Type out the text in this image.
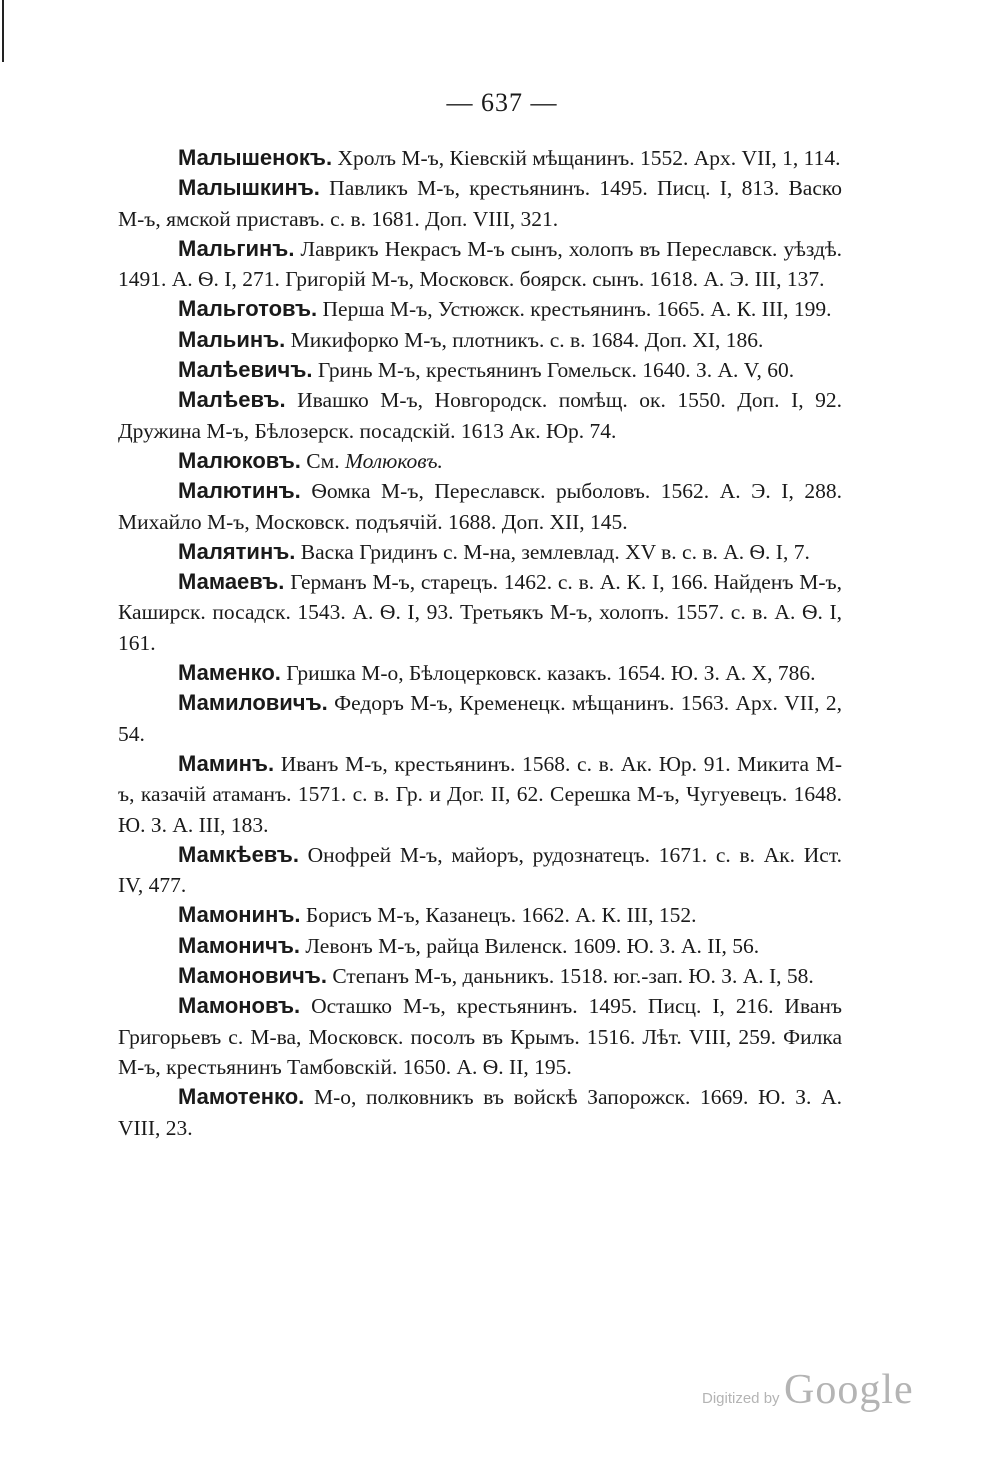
— 637 —

Малышенокъ. Хролъ М-ъ, Кіевскій мѣщанинъ. 1552. Арх. VII, 1, 114.

Малышкинъ. Павликъ М-ъ, крестьянинъ. 1495. Писц. I, 813. Васко М-ъ, ямской приставъ. с. в. 1681. Доп. VIII, 321.

Мальгинъ. Лаврикъ Некрасъ М-ъ сынъ, холопъ въ Переславск. уѣздѣ. 1491. А. Ѳ. I, 271. Григорій М-ъ, Московск. боярск. сынъ. 1618. А. Э. III, 137.

Мальготовъ. Перша М-ъ, Устюжск. крестьянинъ. 1665. А. К. III, 199.

Мальинъ. Микифорко М-ъ, плотникъ. с. в. 1684. Доп. XI, 186.

Малѣевичъ. Гринь М-ъ, крестьянинъ Гомельск. 1640. З. А. V, 60.

Малѣевъ. Ивашко М-ъ, Новгородск. помѣщ. ок. 1550. Доп. I, 92. Дружина М-ъ, Бѣлозерск. посадскій. 1613 Ак. Юр. 74.

Малюковъ. См. Молюковъ.

Малютинъ. Ѳомка М-ъ, Переславск. рыболовъ. 1562. А. Э. I, 288. Михайло М-ъ, Московск. подъячій. 1688. Доп. XII, 145.

Малятинъ. Васка Гридинъ с. М-на, землевлад. XV в. с. в. А. Ѳ. I, 7.

Мамаевъ. Германъ М-ъ, старецъ. 1462. с. в. А. К. I, 166. Найденъ М-ъ, Каширск. посадск. 1543. А. Ѳ. I, 93. Третьякъ М-ъ, холопъ. 1557. с. в. А. Ѳ. I, 161.

Маменко. Гришка М-о, Бѣлоцерковск. казакъ. 1654. Ю. З. А. X, 786.

Мамиловичъ. Федоръ М-ъ, Кременецк. мѣщанинъ. 1563. Арх. VII, 2, 54.

Маминъ. Иванъ М-ъ, крестьянинъ. 1568. с. в. Ак. Юр. 91. Микита М-ъ, казачій атаманъ. 1571. с. в. Гр. и Дог. II, 62. Серешка М-ъ, Чугуевецъ. 1648. Ю. З. А. III, 183.

Мамкѣевъ. Онофрей М-ъ, майоръ, рудознатецъ. 1671. с. в. Ак. Ист. IV, 477.

Мамонинъ. Борисъ М-ъ, Казанецъ. 1662. А. К. III, 152.

Мамоничъ. Левонъ М-ъ, райца Виленск. 1609. Ю. З. А. II, 56.

Мамоновичъ. Степанъ М-ъ, даньникъ. 1518. юг.-зап. Ю. З. А. I, 58.

Мамоновъ. Осташко М-ъ, крестьянинъ. 1495. Писц. I, 216. Иванъ Григорьевъ с. М-ва, Московск. посолъ въ Крымъ. 1516. Лѣт. VIII, 259. Филка М-ъ, крестьянинъ Тамбовскій. 1650. А. Ѳ. II, 195.

Мамотенко. М-о, полковникъ въ войскѣ Запорожск. 1669. Ю. З. А. VIII, 23.

Digitized by Google
